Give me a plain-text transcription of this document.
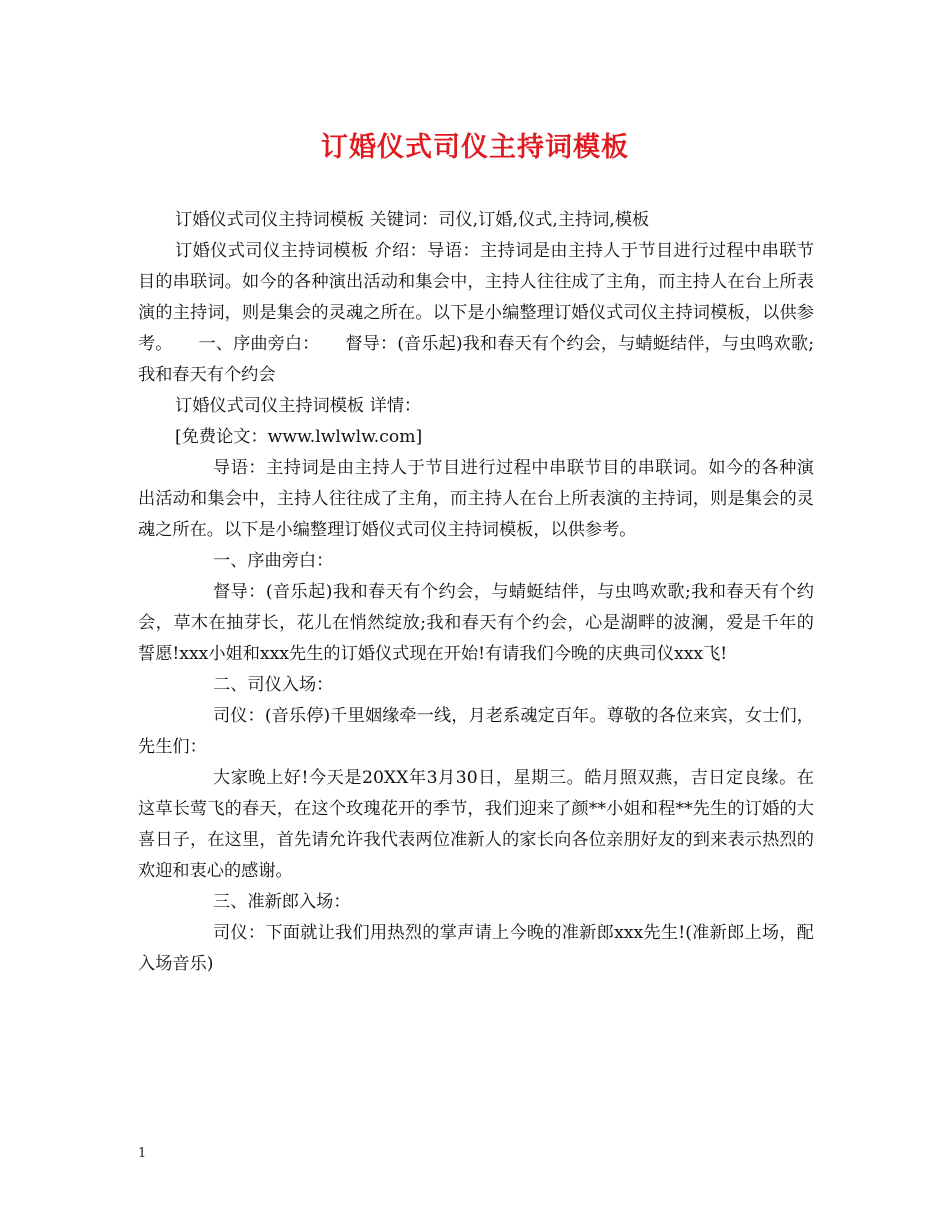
订婚仪式司仪主持词模板

订婚仪式司仪主持词模板 关键词：司仪,订婚,仪式,主持词,模板

订婚仪式司仪主持词模板 介绍：导语：主持词是由主持人于节目进行过程中串联节目的串联词。如今的各种演出活动和集会中，主持人往往成了主角，而主持人在台上所表演的主持词，则是集会的灵魂之所在。以下是小编整理订婚仪式司仪主持词模板，以供参考。　　一、序曲旁白：　　督导：(音乐起)我和春天有个约会，与蜻蜓结伴，与虫鸣欢歌;我和春天有个约会

订婚仪式司仪主持词模板 详情：

[免费论文：www.lwlwlw.com]

导语：主持词是由主持人于节目进行过程中串联节目的串联词。如今的各种演出活动和集会中，主持人往往成了主角，而主持人在台上所表演的主持词，则是集会的灵魂之所在。以下是小编整理订婚仪式司仪主持词模板，以供参考。

一、序曲旁白：

督导：(音乐起)我和春天有个约会，与蜻蜓结伴，与虫鸣欢歌;我和春天有个约会，草木在抽芽长，花儿在悄然绽放;我和春天有个约会，心是湖畔的波澜，爱是千年的誓愿!xxx小姐和xxx先生的订婚仪式现在开始!有请我们今晚的庆典司仪xxx飞!

二、司仪入场：

司仪：(音乐停)千里姻缘牵一线，月老系魂定百年。尊敬的各位来宾，女士们，先生们：

大家晚上好!今天是20XX年3月30日，星期三。皓月照双燕，吉日定良缘。在这草长莺飞的春天，在这个玫瑰花开的季节，我们迎来了颜**小姐和程**先生的订婚的大喜日子，在这里，首先请允许我代表两位准新人的家长向各位亲朋好友的到来表示热烈的欢迎和衷心的感谢。

三、准新郎入场：

司仪：下面就让我们用热烈的掌声请上今晚的准新郎xxx先生!(准新郎上场，配入场音乐)

1
